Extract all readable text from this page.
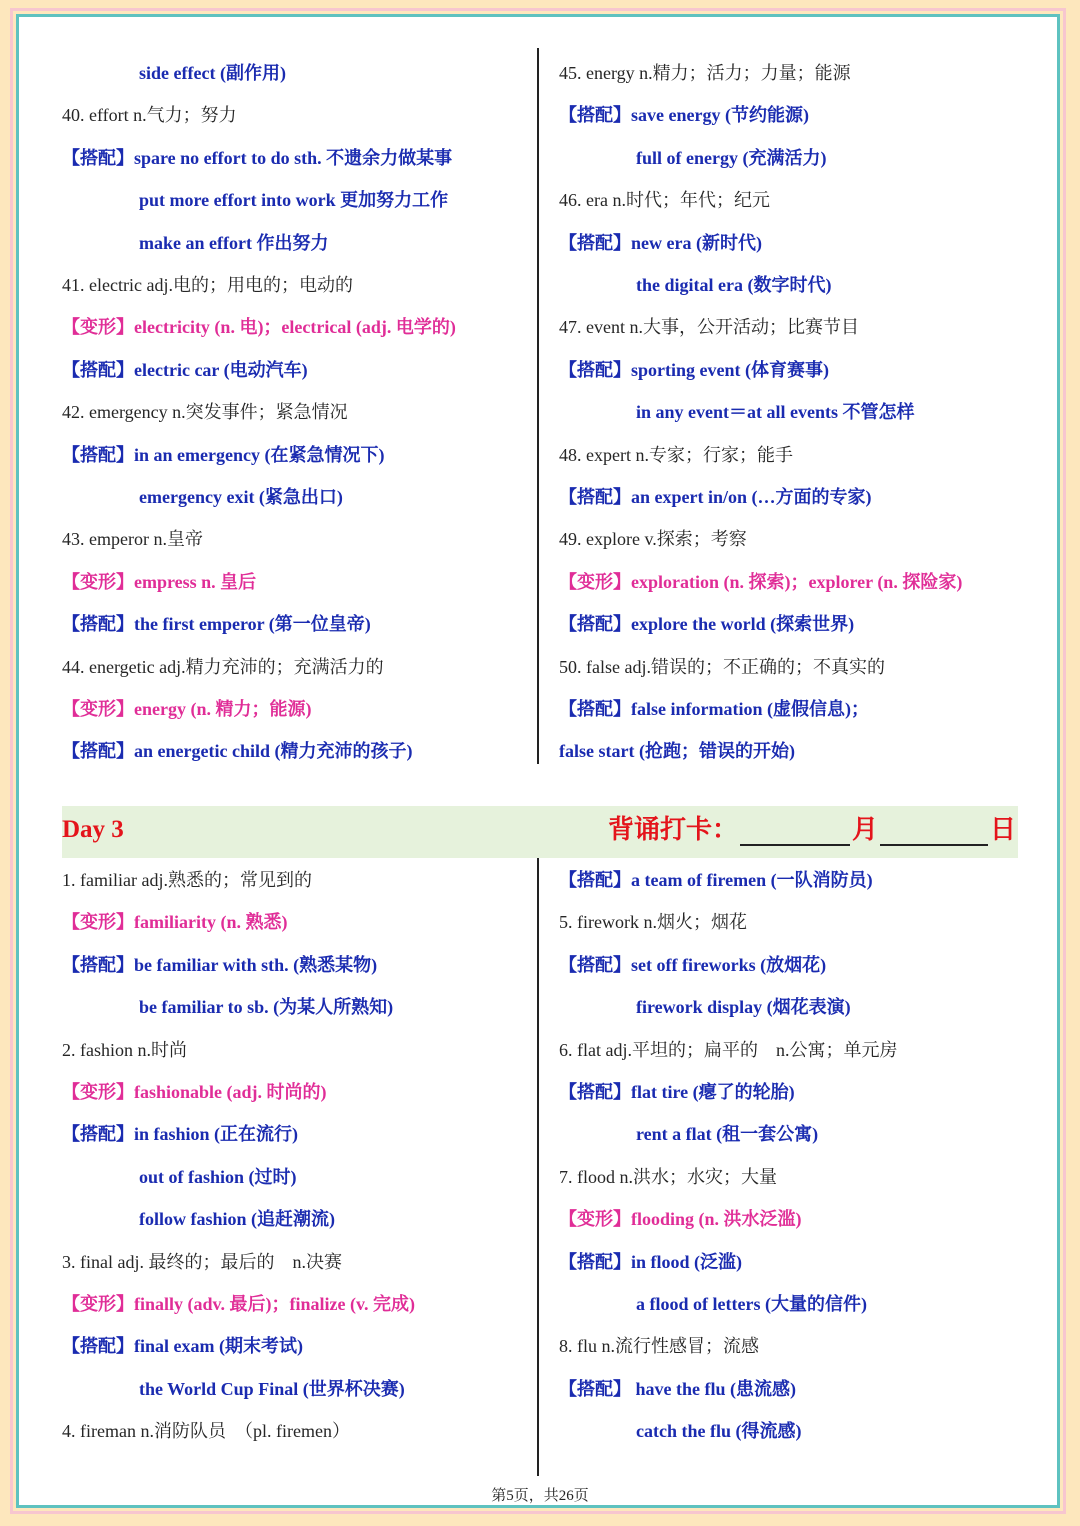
side effect (副作用)
40. effort n.气力；努力
【搭配】spare no effort to do sth. 不遗余力做某事
put more effort into work 更加努力工作
make an effort 作出努力
41. electric adj.电的；用电的；电动的
【变形】electricity (n. 电)；electrical (adj. 电学的)
【搭配】electric car (电动汽车)
42. emergency n.突发事件；紧急情况
【搭配】in an emergency (在紧急情况下)
emergency exit (紧急出口)
43. emperor n.皇帝
【变形】empress n. 皇后
【搭配】the first emperor (第一位皇帝)
44. energetic adj.精力充沛的；充满活力的
【变形】energy (n. 精力；能源)
【搭配】an energetic child (精力充沛的孩子)
45. energy n.精力；活力；力量；能源
【搭配】save energy (节约能源)
full of energy (充满活力)
46. era n.时代；年代；纪元
【搭配】new era (新时代)
the digital era (数字时代)
47. event n.大事，公开活动；比赛节目
【搭配】sporting event (体育赛事)
in any event＝at all events 不管怎样
48. expert n.专家；行家；能手
【搭配】an expert in/on (…方面的专家)
49. explore v.探索；考察
【变形】exploration (n. 探索)；explorer (n. 探险家)
【搭配】explore the world (探索世界)
50. false adj.错误的；不正确的；不真实的
【搭配】false information (虚假信息)；
false start (抢跑；错误的开始)
Day 3	背诵打卡：	月	日
1. familiar adj.熟悉的；常见到的
【变形】familiarity (n. 熟悉)
【搭配】be familiar with sth. (熟悉某物)
be familiar to sb. (为某人所熟知)
2. fashion n.时尚
【变形】fashionable (adj. 时尚的)
【搭配】in fashion (正在流行)
out of fashion (过时)
follow fashion (追赶潮流)
3. final adj. 最终的；最后的　n.决赛
【变形】finally (adv. 最后)；finalize (v. 完成)
【搭配】final exam (期末考试)
the World Cup Final (世界杯决赛)
4. fireman n.消防队员　（pl. firemen）
【搭配】a team of firemen (一队消防员)
5. firework n.烟火；烟花
【搭配】set off fireworks (放烟花)
firework display (烟花表演)
6. flat adj.平坦的；扁平的　n.公寓；单元房
【搭配】flat tire (瘪了的轮胎)
rent a flat (租一套公寓)
7. flood n.洪水；水灾；大量
【变形】flooding (n. 洪水泛滥)
【搭配】in flood (泛滥)
a flood of letters (大量的信件)
8. flu n.流行性感冒；流感
【搭配】 have the flu (患流感)
catch the flu (得流感)
第5页，共26页
